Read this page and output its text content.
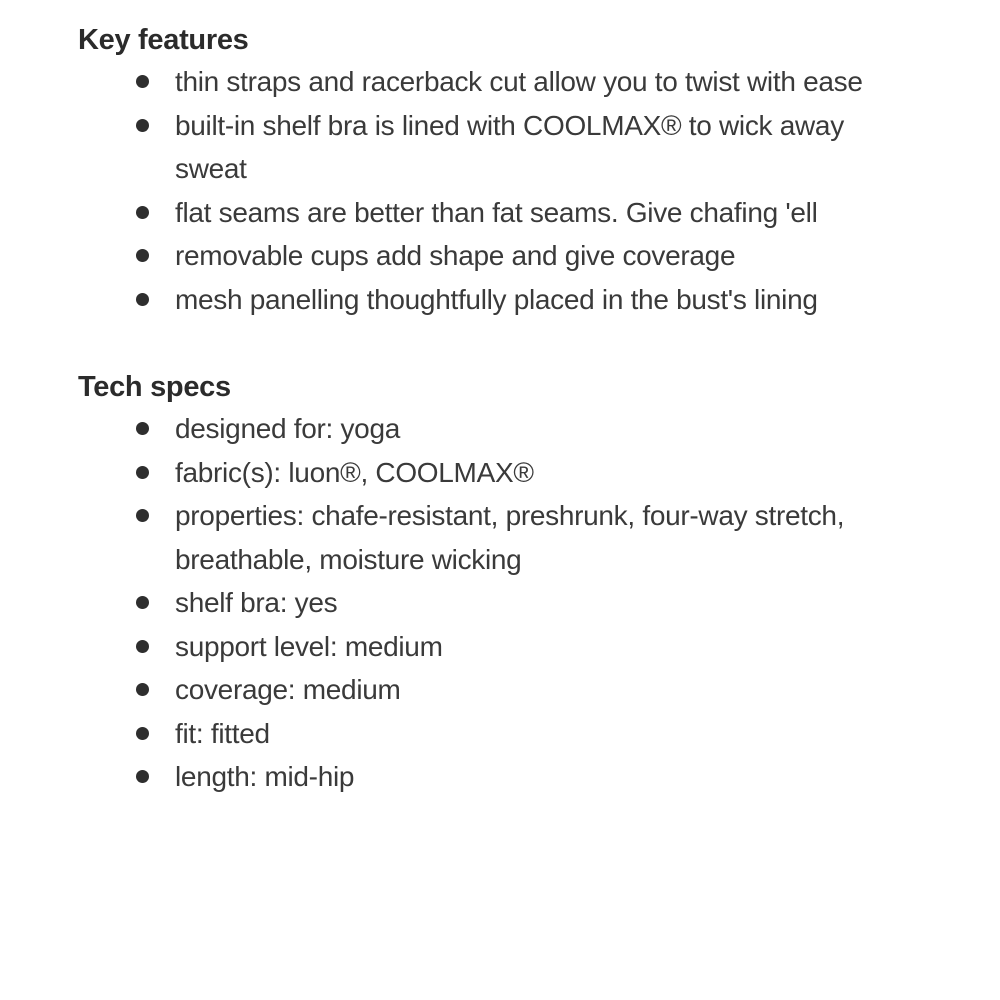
Key features
thin straps and racerback cut allow you to twist with ease
built-in shelf bra is lined with COOLMAX® to wick away sweat
flat seams are better than fat seams. Give chafing 'ell
removable cups add shape and give coverage
mesh panelling thoughtfully placed in the bust's lining
Tech specs
designed for: yoga
fabric(s): luon®, COOLMAX®
properties: chafe-resistant, preshrunk, four-way stretch, breathable, moisture wicking
shelf bra: yes
support level: medium
coverage: medium
fit: fitted
length: mid-hip
